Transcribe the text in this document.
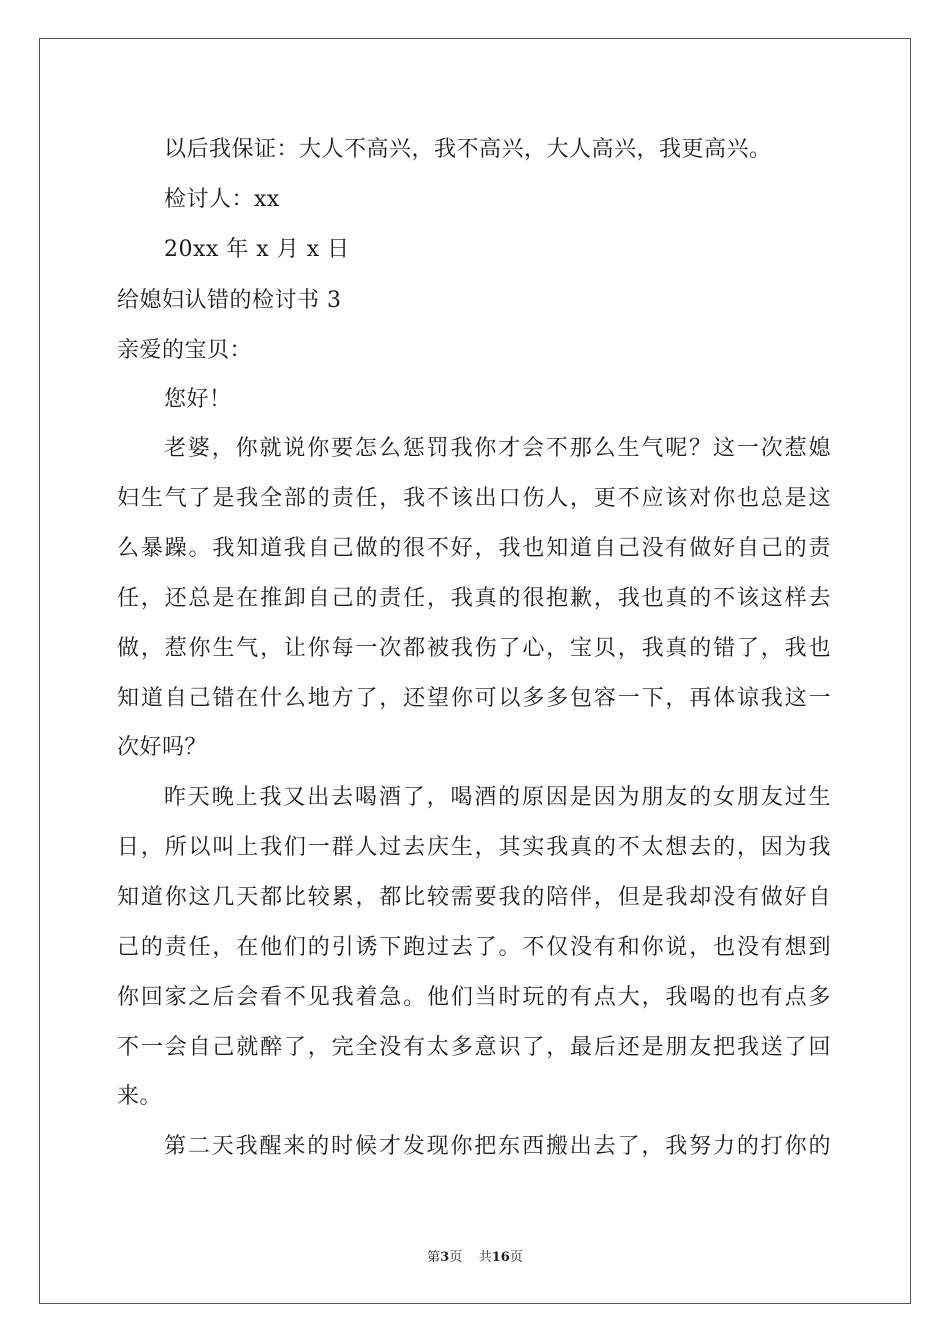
以后我保证：大人不高兴，我不高兴，大人高兴，我更高兴。
检讨人：xx
20xx 年 x 月 x 日
给媳妇认错的检讨书 3
亲爱的宝贝：
您好！
老婆，你就说你要怎么惩罚我你才会不那么生气呢？这一次惹媳
妇生气了是我全部的责任，我不该出口伤人，更不应该对你也总是这
么暴躁。我知道我自己做的很不好，我也知道自己没有做好自己的责
任，还总是在推卸自己的责任，我真的很抱歉，我也真的不该这样去
做，惹你生气，让你每一次都被我伤了心，宝贝，我真的错了，我也
知道自己错在什么地方了，还望你可以多多包容一下，再体谅我这一
次好吗？
昨天晚上我又出去喝酒了，喝酒的原因是因为朋友的女朋友过生
日，所以叫上我们一群人过去庆生，其实我真的不太想去的，因为我
知道你这几天都比较累，都比较需要我的陪伴，但是我却没有做好自
己的责任，在他们的引诱下跑过去了。不仅没有和你说，也没有想到
你回家之后会看不见我着急。他们当时玩的有点大，我喝的也有点多
不一会自己就醉了，完全没有太多意识了，最后还是朋友把我送了回
来。
第二天我醒来的时候才发现你把东西搬出去了，我努力的打你的
第3页 共16页
